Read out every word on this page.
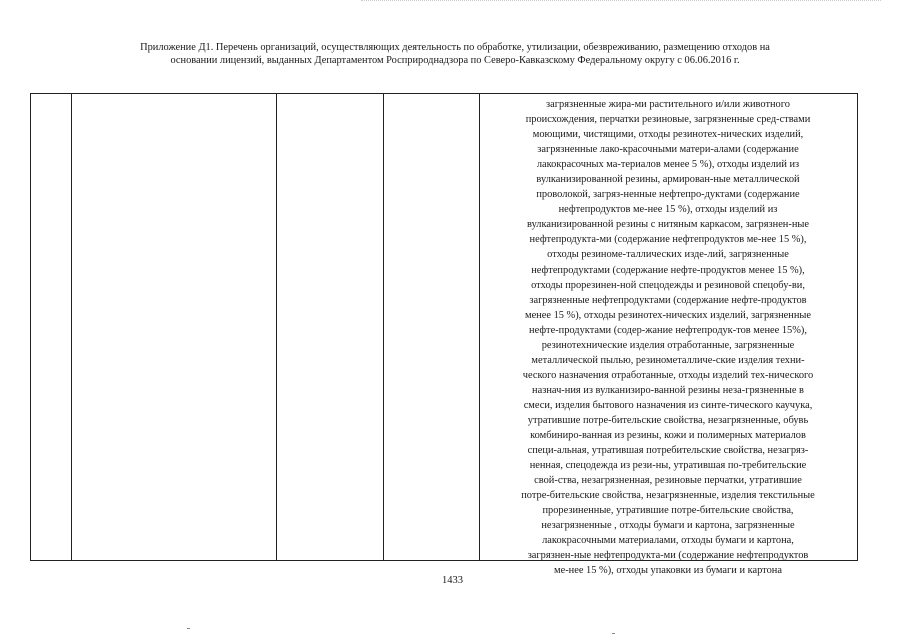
Приложение Д1. Перечень организаций, осуществляющих деятельность по обработке, утилизации, обезвреживанию, размещению отходов на
основании лицензий, выданных Департаментом Росприроднадзора по Северо-Кавказскому Федеральному округу с 06.06.2016 г.
загрязненные жира-ми растительного и/или животного
происхождения, перчатки резиновые, загрязненные сред-ствами
моющими, чистящими, отходы резинотех-нических изделий,
загрязненные лако-красочными матери-алами (содержание
лакокрасочных ма-териалов менее 5 %), отходы изделий из
вулканизированной резины, армирован-ные металлической
проволокой, загряз-ненные нефтепро-дуктами (содержание
нефтепродуктов ме-нее 15 %), отходы изделий из
вулканизированной резины с нитяным каркасом, загрязнен-ные
нефтепродукта-ми (содержание нефтепродуктов ме-нее 15 %),
отходы резиноме-таллических изде-лий, загрязненные
нефтепродуктами (содержание нефте-продуктов менее 15 %),
отходы прорезинен-ной спецодежды и резиновой спецобу-ви,
загрязненные нефтепродуктами (содержание нефте-продуктов
менее 15 %), отходы резинотех-нических изделий, загрязненные
нефте-продуктами (содер-жание нефтепродук-тов менее 15%),
резинотехнические изделия отработанные, загрязненные
металлической пылью, резинометалличе-ские изделия техни-
ческого назначения отработанные, отходы изделий тех-нического
назнач-ния из вулканизиро-ванной резины неза-грязненные в
смеси, изделия бытового назначения из синте-тического каучука,
утратившие потре-бительские свойства, незагрязненные, обувь
комбиниро-ванная из резины, кожи и полимерных материалов
специ-альная, утратившая потребительские свойства, незагряз-
ненная, спецодежда из рези-ны, утратившая по-требительские
свой-ства, незагрязненная, резиновые перчатки, утратившие
потре-бительские свойства, незагрязненные, изделия текстильные
прорезиненные, утратившие потре-бительские свойства,
незагрязненные , отходы бумаги и картона, загрязненные
лакокрасочными материалами, отходы бумаги и картона,
загрязнен-ные нефтепродукта-ми (содержание нефтепродуктов
ме-нее 15 %), отходы упаковки из бумаги и картона
1433
